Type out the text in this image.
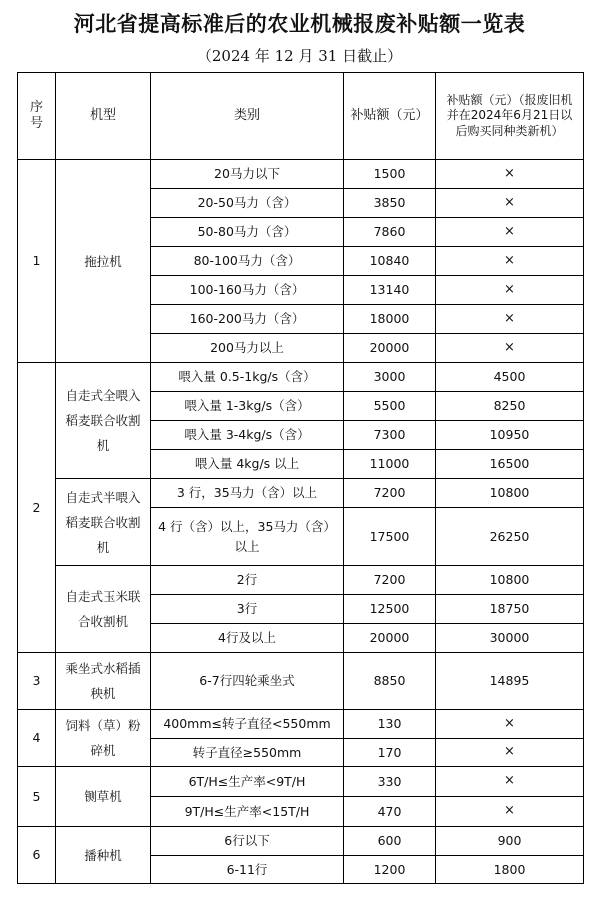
河北省提高标准后的农业机械报废补贴额一览表
（2024 年 12 月 31 日截止）
序号	机型	类别	补贴额（元）	补贴额（元）（报废旧机并在2024年6月21日以后购买同种类新机）
1	拖拉机	20马力以下	1500	×
		20-50马力（含）	3850	×
		50-80马力（含）	7860	×
		80-100马力（含）	10840	×
		100-160马力（含）	13140	×
		160-200马力（含）	18000	×
		200马力以上	20000	×
2	自走式全喂入稻麦联合收割机	喂入量 0.5-1kg/s（含）	3000	4500
		喂入量 1-3kg/s（含）	5500	8250
		喂入量 3-4kg/s（含）	7300	10950
		喂入量 4kg/s 以上	11000	16500
	自走式半喂入稻麦联合收割机	3 行，35马力（含）以上	7200	10800
		4 行（含）以上，35马力（含）以上	17500	26250
	自走式玉米联合收割机	2行	7200	10800
		3行	12500	18750
		4行及以上	20000	30000
3	乘坐式水稻插秧机	6-7行四轮乘坐式	8850	14895
4	饲料（草）粉碎机	400mm≤转子直径<550mm	130	×
		转子直径≥550mm	170	×
5	铡草机	6T/H≤生产率<9T/H	330	×
		9T/H≤生产率<15T/H	470	×
6	播种机	6行以下	600	900
		6-11行	1200	1800
